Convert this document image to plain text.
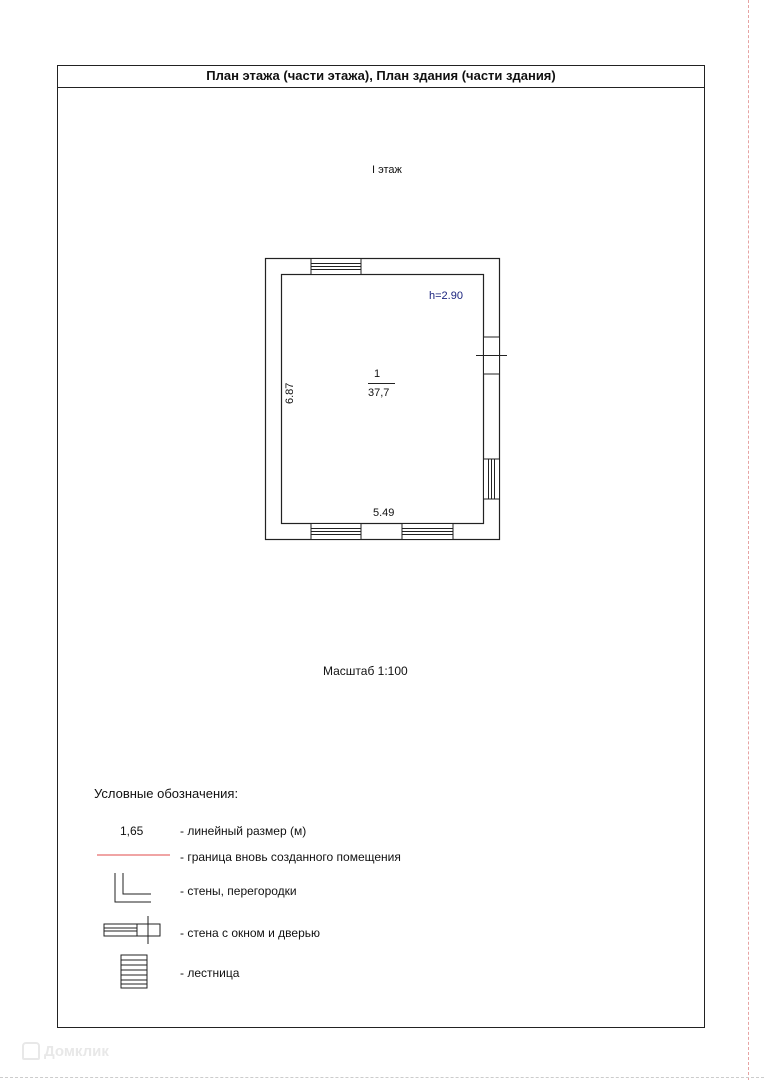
План этажа (части этажа), План здания (части здания)
I этаж
h=2.90
1
37,7
5.49
6.87
Масштаб 1:100
Условные обозначения:
1,65	- линейный размер (м)
- граница вновь созданного помещения
- стены, перегородки
- стена с окном и дверью
- лестница
Домклик
